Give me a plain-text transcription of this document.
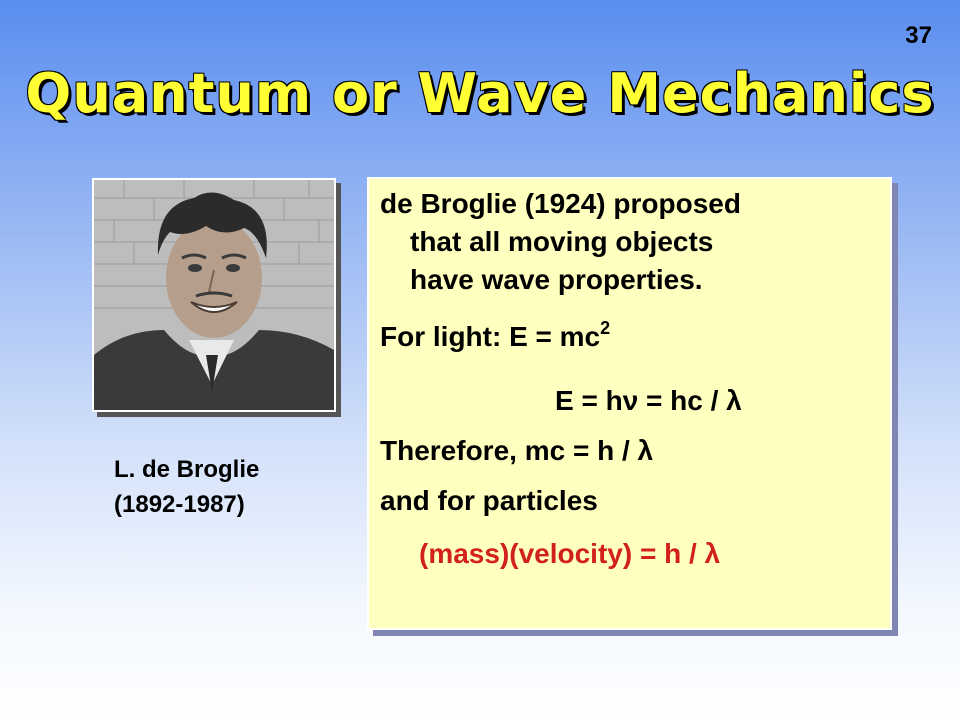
37
Quantum or Wave Mechanics
L. de Broglie
(1892-1987)
de Broglie (1924) proposed
that all moving objects
have wave properties.
For light: $E = mc^2$
E = hν = hc / λ
Therefore, mc = h / λ
and for particles
(mass)(velocity) = h / λ
